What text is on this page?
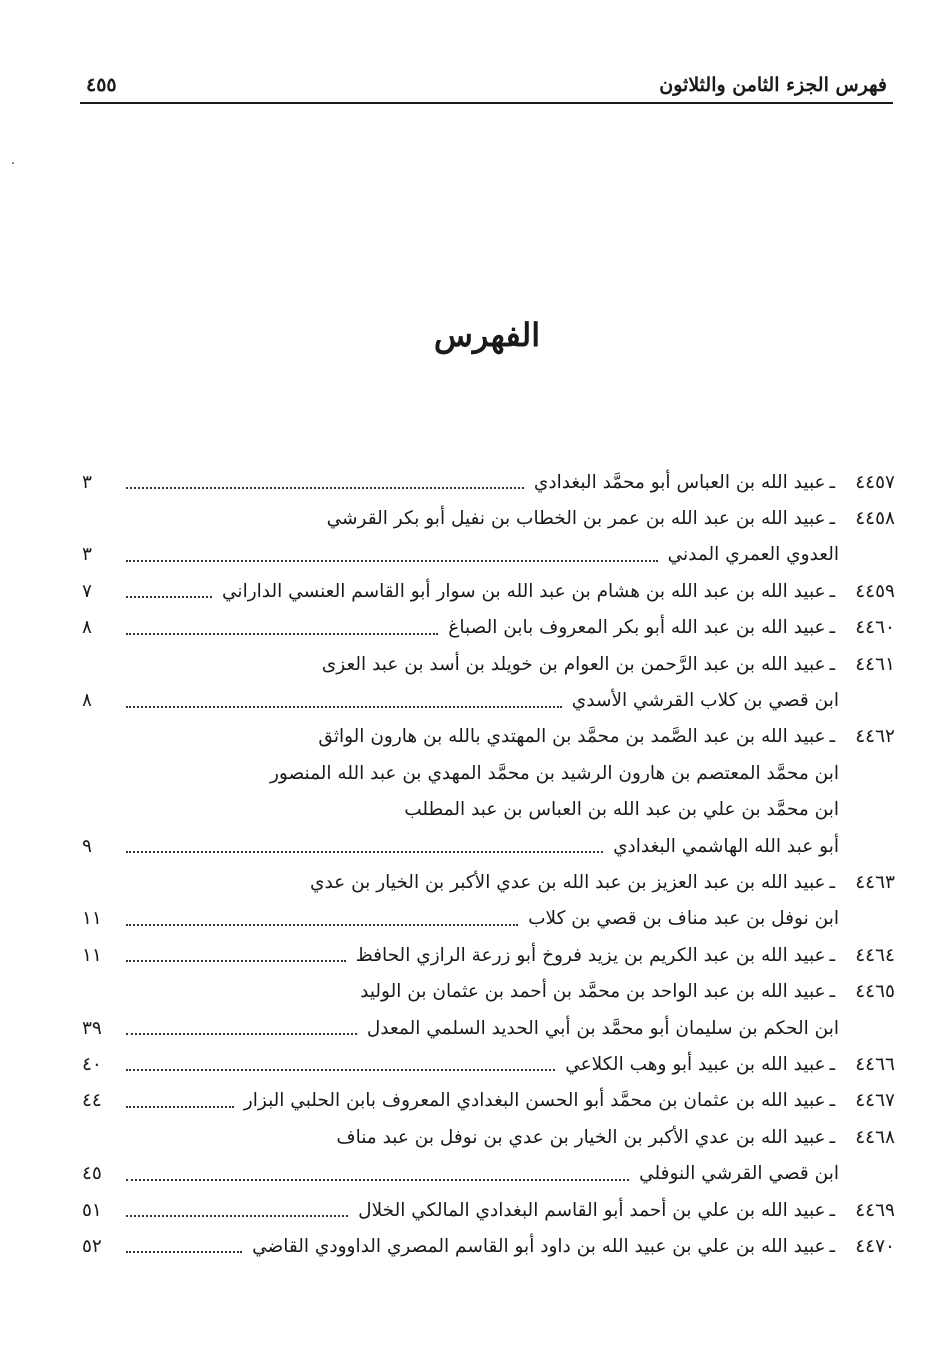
فهرس الجزء الثامن والثلاثون
٤٥٥
الفهرس
٤٤٥٧
ـ
عبيد الله بن العباس أبو محمَّد البغدادي
٣
٤٤٥٨
ـ
عبيد الله بن عبد الله بن عمر بن الخطاب بن نفيل أبو بكر القرشي
العدوي العمري المدني
٣
٤٤٥٩
ـ
عبيد الله بن عبد الله بن هشام بن عبد الله بن سوار أبو القاسم العنسي الداراني
٧
٤٤٦٠
ـ
عبيد الله بن عبد الله أبو بكر المعروف بابن الصباغ
٨
٤٤٦١
ـ
عبيد الله بن عبد الرَّحمن بن العوام بن خويلد بن أسد بن عبد العزى
ابن قصي بن كلاب القرشي الأسدي
٨
٤٤٦٢
ـ
عبيد الله بن عبد الصَّمد بن محمَّد بن المهتدي بالله بن هارون الواثق
ابن محمَّد المعتصم بن هارون الرشيد بن محمَّد المهدي بن عبد الله المنصور
ابن محمَّد بن علي بن عبد الله بن العباس بن عبد المطلب
أبو عبد الله الهاشمي البغدادي
٩
٤٤٦٣
ـ
عبيد الله بن عبد العزيز بن عبد الله بن عدي الأكبر بن الخيار بن عدي
ابن نوفل بن عبد مناف بن قصي بن كلاب
١١
٤٤٦٤
ـ
عبيد الله بن عبد الكريم بن يزيد فروخ أبو زرعة الرازي الحافظ
١١
٤٤٦٥
ـ
عبيد الله بن عبد الواحد بن محمَّد بن أحمد بن عثمان بن الوليد
ابن الحكم بن سليمان أبو محمَّد بن أبي الحديد السلمي المعدل
٣٩
٤٤٦٦
ـ
عبيد الله بن عبيد أبو وهب الكلاعي
٤٠
٤٤٦٧
ـ
عبيد الله بن عثمان بن محمَّد أبو الحسن البغدادي المعروف بابن الحلبي البزار
٤٤
٤٤٦٨
ـ
عبيد الله بن عدي الأكبر بن الخيار بن عدي بن نوفل بن عبد مناف
ابن قصي القرشي النوفلي
٤٥
٤٤٦٩
ـ
عبيد الله بن علي بن أحمد أبو القاسم البغدادي المالكي الخلال
٥١
٤٤٧٠
ـ
عبيد الله بن علي بن عبيد الله بن داود أبو القاسم المصري الداوودي القاضي
٥٢
